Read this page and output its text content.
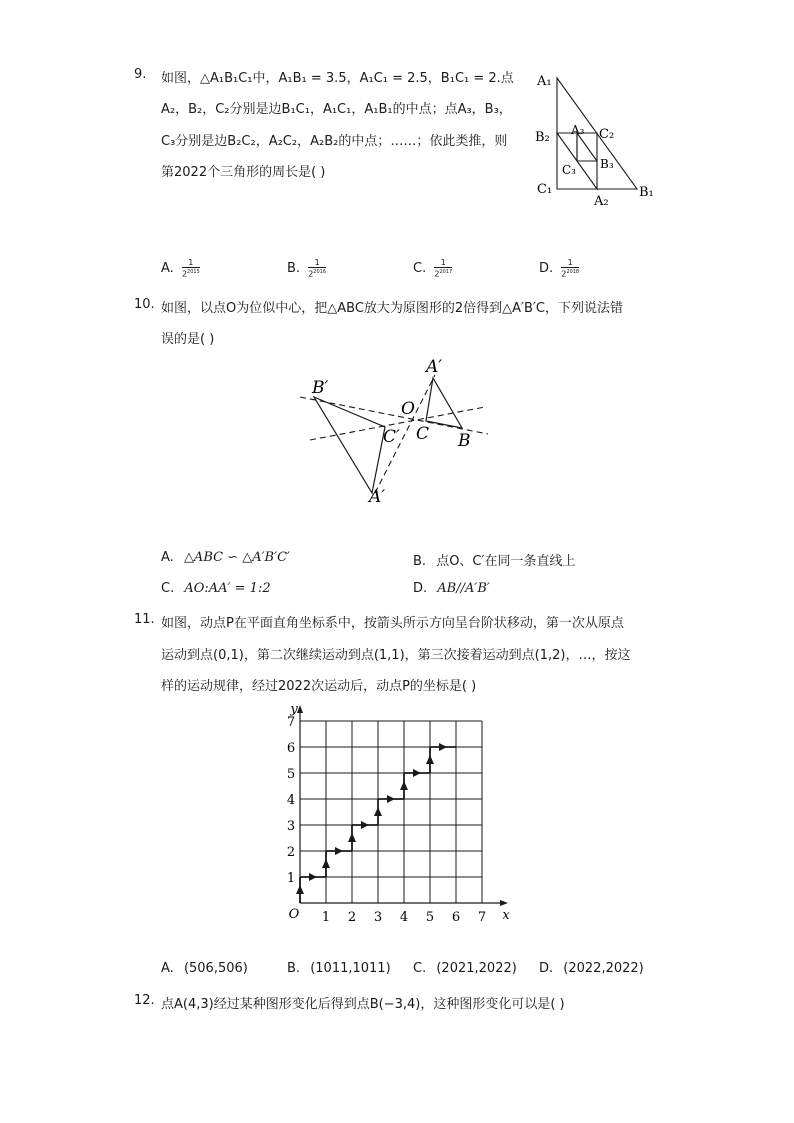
9. 如图，△A₁B₁C₁中，A₁B₁ = 3.5，A₁C₁ = 2.5，B₁C₁ = 2.点
A₂，B₂，C₂分别是边B₁C₁，A₁C₁，A₁B₁的中点；点A₃，B₃，
C₃分别是边B₂C₂，A₂C₂，A₂B₂的中点；……；依此类推，则
第2022个三角形的周长是( )
A₁
B₂ A₃ C₂
B₃
C₃
C₁
A₂
B₁
A. $\frac{1}{2^{2015}}$	B. $\frac{1}{2^{2016}}$	C. $\frac{1}{2^{2017}}$	D. $\frac{1}{2^{2018}}$
10. 如图，以点O为位似中心，把△ABC放大为原图形的2倍得到△A′B′C，下列说法错
误的是( )
B′
A′
O
C′ C B
A′
A. △ABC ∽ △A′B′C′	B. 点O、C′在同一条直线上
C. AO:AA′ = 1:2	D. AB//A′B′
11. 如图，动点P在平面直角坐标系中，按箭头所示方向呈台阶状移动，第一次从原点
运动到点(0,1)，第二次继续运动到点(1,1)，第三次接着运动到点(1,2)，…，按这
样的运动规律，经过2022次运动后，动点P的坐标是( )
1 2 3 4 5 6 7
1
2
3
4
5
6
7
O	x
y
A. (506,506)	B. (1011,1011) C. (2021,2022) D. (2022,2022)
12. 点A(4,3)经过某种图形变化后得到点B(−3,4)，这种图形变化可以是( )
